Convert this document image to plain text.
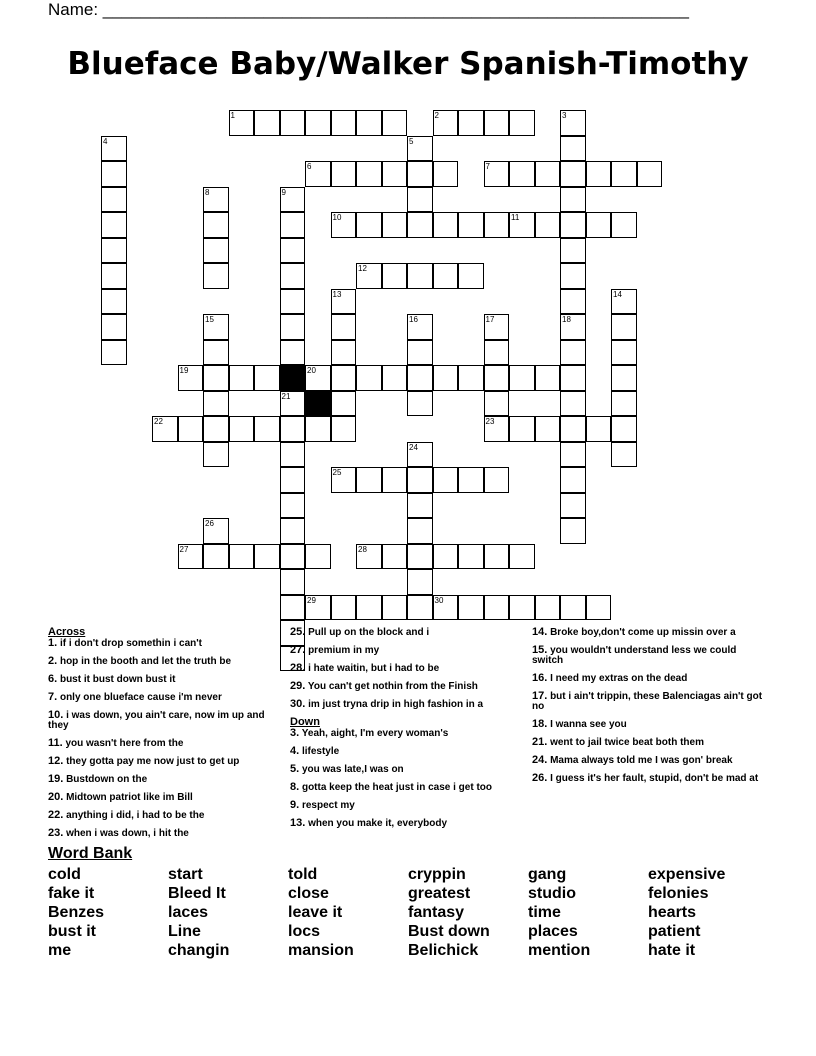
Name: ______________________________________________________________
Blueface Baby/Walker Spanish-Timothy
1	2
6	7
10	11
12
19	20
22	23
25
27	28
29	30
3
4	5
8	9
21
13	14
15	16	17	18
24
26
Across
1. if i don't drop somethin i can't
2. hop in the booth and let the truth be
6. bust it bust down bust it
7. only one blueface cause i'm never
10. i was down, you ain't care, now im up and they
11. you wasn't here from the
12. they gotta pay me now just to get up
19. Bustdown on the
20. Midtown patriot like im Bill
22. anything i did, i had to be the
23. when i was down, i hit the
25. Pull up on the block and i
27. premium in my
28. i hate waitin, but i had to be
29. You can't get nothin from the Finish
30. im just tryna drip in high fashion in a
Down
3. Yeah, aight, I'm every woman's
4. lifestyle
5. you was late,I was on
8. gotta keep the heat just in case i get too
9. respect my
13. when you make it, everybody
14. Broke boy,don't come up missin over a
15. you wouldn't understand less we could switch
16. I need my extras on the dead
17. but i ain't trippin, these Balenciagas ain't got no
18. I wanna see you
21. went to jail twice beat both them
24. Mama always told me I was gon' break
26. I guess it's her fault, stupid, don't be mad at
Word Bank
cold	start	told	cryppin	gang	expensive
fake it	Bleed It	close	greatest	studio	felonies
Benzes	laces	leave it	fantasy	time	hearts
bust it	Line	locs	Bust down	places	patient
me	changin	mansion	Belichick	mention	hate it
